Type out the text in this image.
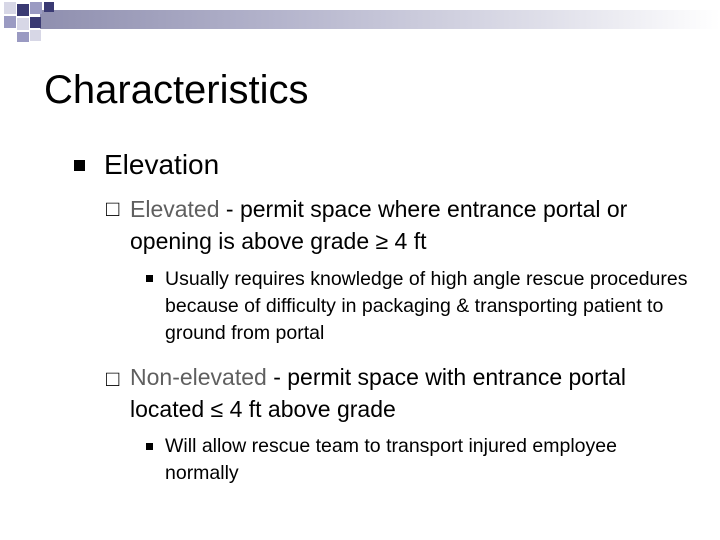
Characteristics
Elevation
□ Elevated - permit space where entrance portal or opening is above grade ≥ 4 ft
Usually requires knowledge of high angle rescue procedures because of difficulty in packaging & transporting patient to ground from portal
□ Non-elevated - permit space with entrance portal located ≤ 4 ft above grade
Will allow rescue team to transport injured employee normally
